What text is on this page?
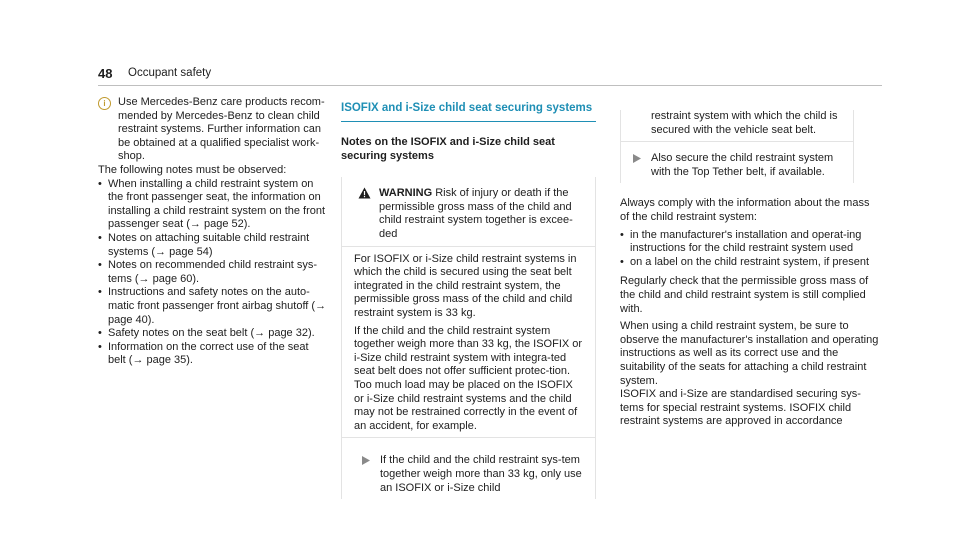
48 Occupant safety
i	Use Mercedes-Benz care products recom-mended by Mercedes-Benz to clean child restraint systems. Further information can be obtained at a qualified specialist work-shop.

The following notes must be observed:

• When installing a child restraint system on the front passenger seat, the information on installing a child restraint system on the front passenger seat (→ page 52).
• Notes on attaching suitable child restraint systems (→ page 54)
• Notes on recommended child restraint sys-tems (→ page 60).
• Instructions and safety notes on the auto-matic front passenger front airbag shutoff (→ page 40).
• Safety notes on the seat belt (→ page 32).
• Information on the correct use of the seat belt (→ page 35).
ISOFIX and i-Size child seat securing systems
Notes on the ISOFIX and i-Size child seat securing systems
WARNING Risk of injury or death if the permissible gross mass of the child and child restraint system together is excee-ded

For ISOFIX or i-Size child restraint systems in which the child is secured using the seat belt integrated in the child restraint system, the permissible gross mass of the child and child restraint system is 33 kg.

If the child and the child restraint system together weigh more than 33 kg, the ISOFIX or i-Size child restraint system with integra-ted seat belt does not offer sufficient protec-tion. Too much load may be placed on the ISOFIX or i-Size child restraint systems and the child may not be restrained correctly in the event of an accident, for example.

If the child and the child restraint sys-tem together weigh more than 33 kg, only use an ISOFIX or i-Size child
restraint system with which the child is secured with the vehicle seat belt.
Also secure the child restraint system with the Top Tether belt, if available.

Always comply with the information about the mass of the child restraint system:

• in the manufacturer's installation and operat-ing instructions for the child restraint system used
• on a label on the child restraint system, if present

Regularly check that the permissible gross mass of the child and child restraint system is still complied with.

When using a child restraint system, be sure to observe the manufacturer's installation and operating instructions as well as its correct use and the suitability of the seats for attaching a child restraint system.

ISOFIX and i-Size are standardised securing sys-tems for special restraint systems. ISOFIX child restraint systems are approved in accordance
